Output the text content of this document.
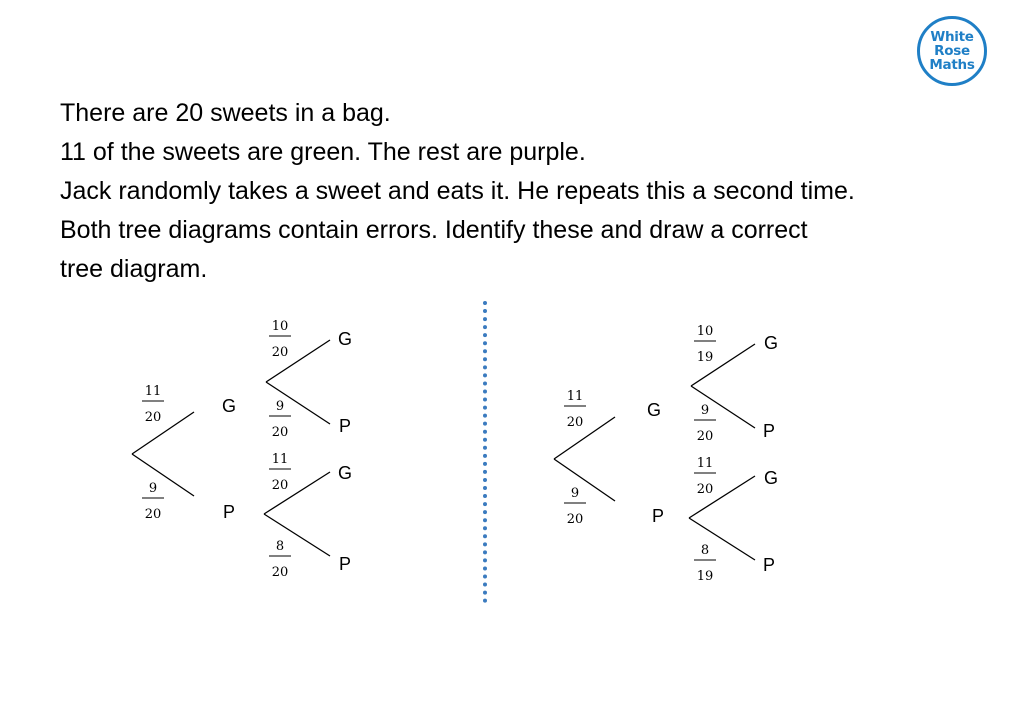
White
Rose
Maths
There are 20 sweets in a bag.
11 of the sweets are green. The rest are purple.
Jack randomly takes a sweet and eats it. He repeats this a second time.
Both tree diagrams contain errors. Identify these and draw a correct
tree diagram.
11
20
9
20
G
P
10
20
9
20
G
P
11
20
8
20
G
P
11
20
9
20
G
P
10
19
9
20
G
P
11
20
8
19
G
P
